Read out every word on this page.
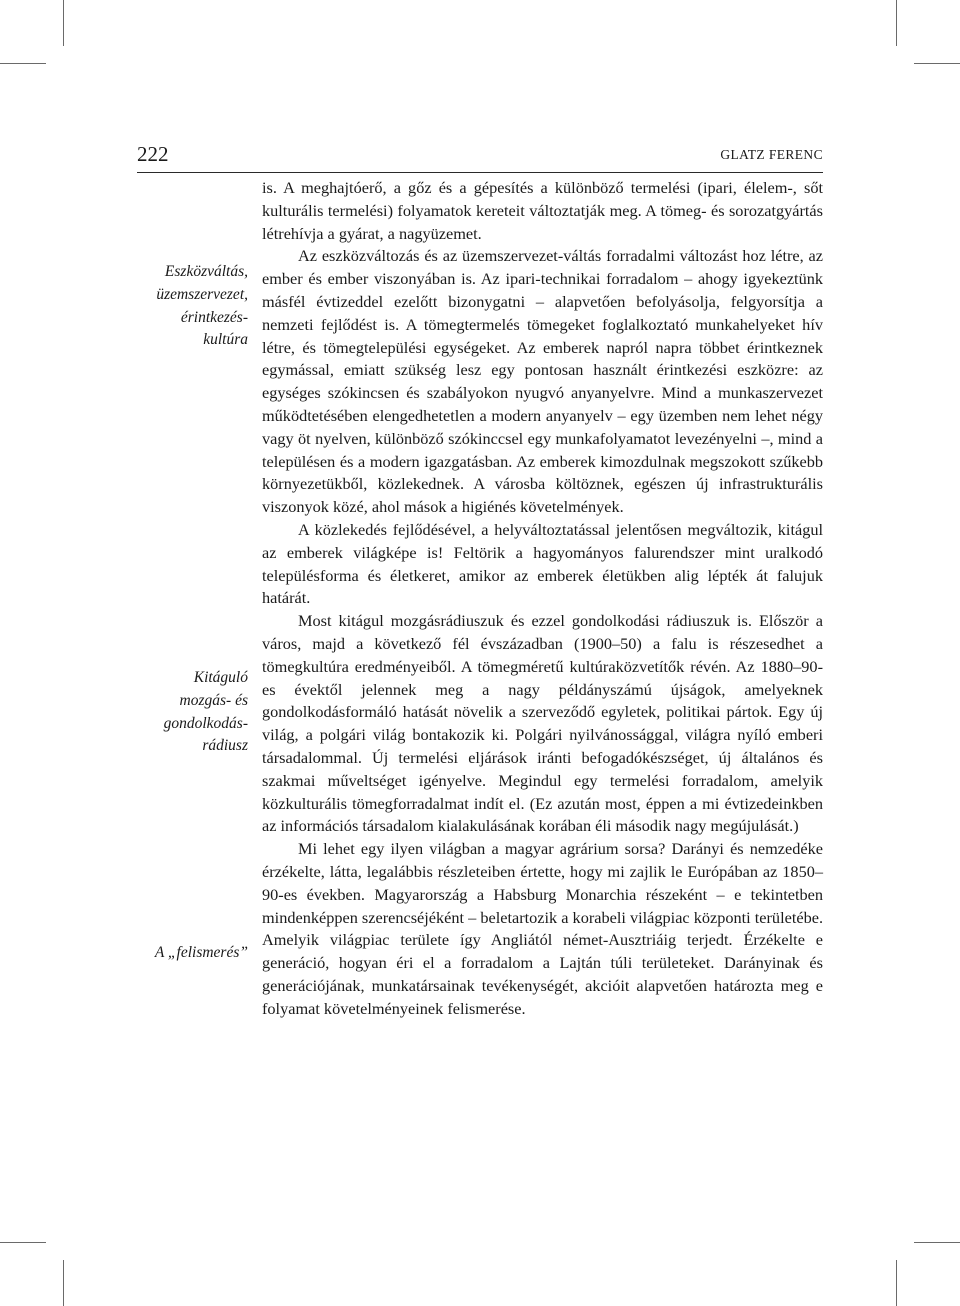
222	GLATZ FERENC
Eszközváltás,
üzemszervezet,
érintkezés-
kultúra
Kitáguló
mozgás- és
gondolkodás-
rádiusz
A „felismerés”

is. A meghajtóerő, a gőz és a gépesítés a különböző termelési (ipari, élelem-, sőt kulturális termelési) folyamatok kereteit változtatják meg. A tömeg- és sorozatgyártás létrehívja a gyárat, a nagyüzemet.

Az eszközváltozás és az üzemszervezet-váltás forradalmi változást hoz létre, az ember és ember viszonyában is. Az ipari-technikai forradalom – ahogy igyekeztünk másfél évtizeddel ezelőtt bizonygatni – alapvetően befolyásolja, felgyorsítja a nemzeti fejlődést is. A tömegtermelés tömegeket foglalkoztató munkahelyeket hív létre, és tömegtelepülési egységeket. Az emberek napról napra többet érintkeznek egymással, emiatt szükség lesz egy pontosan használt érintkezési eszközre: az egységes szókincsen és szabályokon nyugvó anyanyelvre. Mind a munkaszervezet működtetésében elengedhetetlen a modern anyanyelv – egy üzemben nem lehet négy vagy öt nyelven, különböző szókinccsel egy munkafolyamatot levezényelni –, mind a településen és a modern igazgatásban. Az emberek kimozdulnak megszokott szűkebb környezetükből, közlekednek. A városba költöznek, egészen új infrastrukturális viszonyok közé, ahol mások a higiénés követelmények.

A közlekedés fejlődésével, a helyváltoztatással jelentősen megváltozik, kitágul az emberek világképe is! Feltörik a hagyományos falurendszer mint uralkodó településforma és életkeret, amikor az emberek életükben alig lépték át falujuk határát.

Most kitágul mozgásrádiuszuk és ezzel gondolkodási rádiuszuk is. Először a város, majd a következő fél évszázadban (1900–50) a falu is részesedhet a tömegkultúra eredményeiből. A tömegméretű kultúraközvetítők révén. Az 1880–90-es évektől jelennek meg a nagy példányszámú újságok, amelyeknek gondolkodásformáló hatását növelik a szerveződő egyletek, politikai pártok. Egy új világ, a polgári világ bontakozik ki. Polgári nyilvánossággal, világra nyíló emberi társadalommal. Új termelési eljárások iránti befogadókészséget, új általános és szakmai műveltséget igényelve. Megindul egy termelési forradalom, amelyik közkulturális tömegforradalmat indít el. (Ez azután most, éppen a mi évtizedeinkben az információs társadalom kialakulásának korában éli második nagy megújulását.)

Mi lehet egy ilyen világban a magyar agrárium sorsa? Darányi és nemzedéke érzékelte, látta, legalábbis részleteiben értette, hogy mi zajlik le Európában az 1850–90-es években. Magyarország a Habsburg Monarchia részeként – e tekintetben mindenképpen szerencséjéként – beletartozik a korabeli világpiac központi területébe. Amelyik világpiac területe így Angliától német-Ausztriáig terjedt. Érzékelte e generáció, hogyan éri el a forradalom a Lajtán túli területeket. Darányinak és generációjának, munkatársainak tevékenységét, akcióit alapvetően határozta meg e folyamat követelményeinek felismerése.
